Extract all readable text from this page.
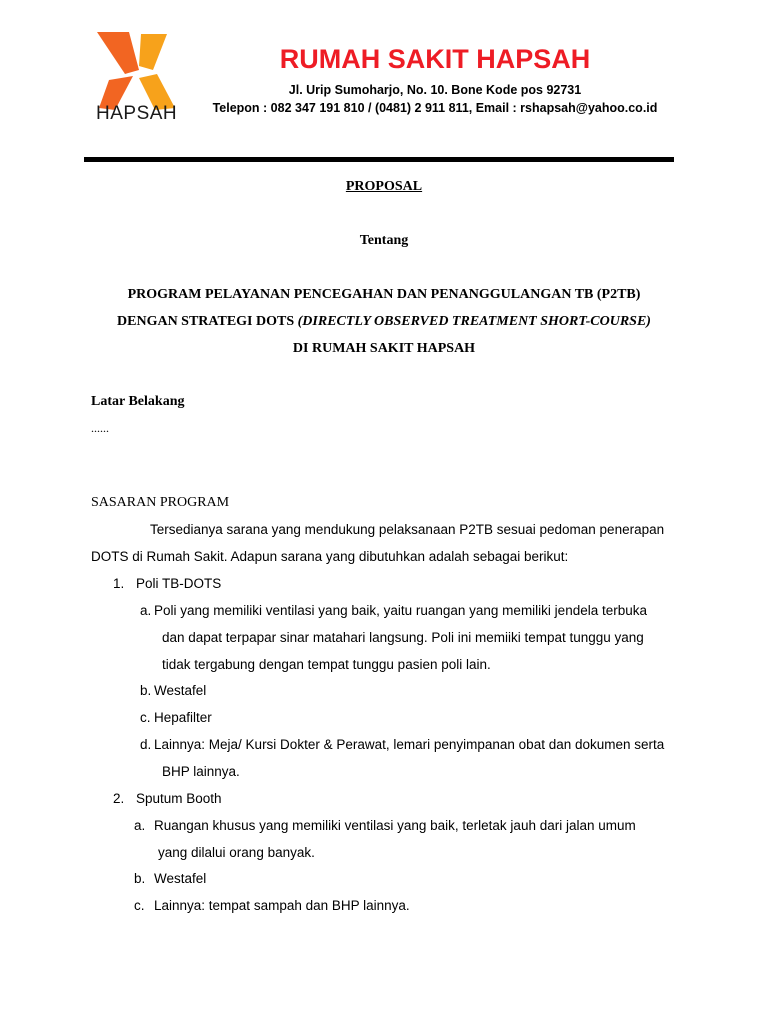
HAPSAH
RUMAH SAKIT HAPSAH
Jl. Urip Sumoharjo, No. 10. Bone Kode pos 92731
Telepon : 082 347 191 810 / (0481) 2 911 811, Email : rshapsah@yahoo.co.id
PROPOSAL
Tentang
PROGRAM PELAYANAN PENCEGAHAN DAN PENANGGULANGAN TB (P2TB)
DENGAN STRATEGI DOTS (DIRECTLY OBSERVED TREATMENT SHORT-COURSE)
DI RUMAH SAKIT HAPSAH
Latar Belakang
......
SASARAN PROGRAM
Tersedianya sarana yang mendukung pelaksanaan P2TB sesuai pedoman penerapan
DOTS di Rumah Sakit. Adapun sarana yang dibutuhkan adalah sebagai berikut:
1. Poli TB-DOTS
a. Poli yang memiliki ventilasi yang baik, yaitu ruangan yang memiliki jendela terbuka
dan dapat terpapar sinar matahari langsung. Poli ini memiiki tempat tunggu yang
tidak tergabung dengan tempat tunggu pasien poli lain.
b. Westafel
c. Hepafilter
d. Lainnya: Meja/ Kursi Dokter & Perawat, lemari penyimpanan obat dan dokumen serta
BHP lainnya.
2. Sputum Booth
a. Ruangan khusus yang memiliki ventilasi yang baik, terletak jauh dari jalan umum
yang dilalui orang banyak.
b. Westafel
c. Lainnya: tempat sampah dan BHP lainnya.
